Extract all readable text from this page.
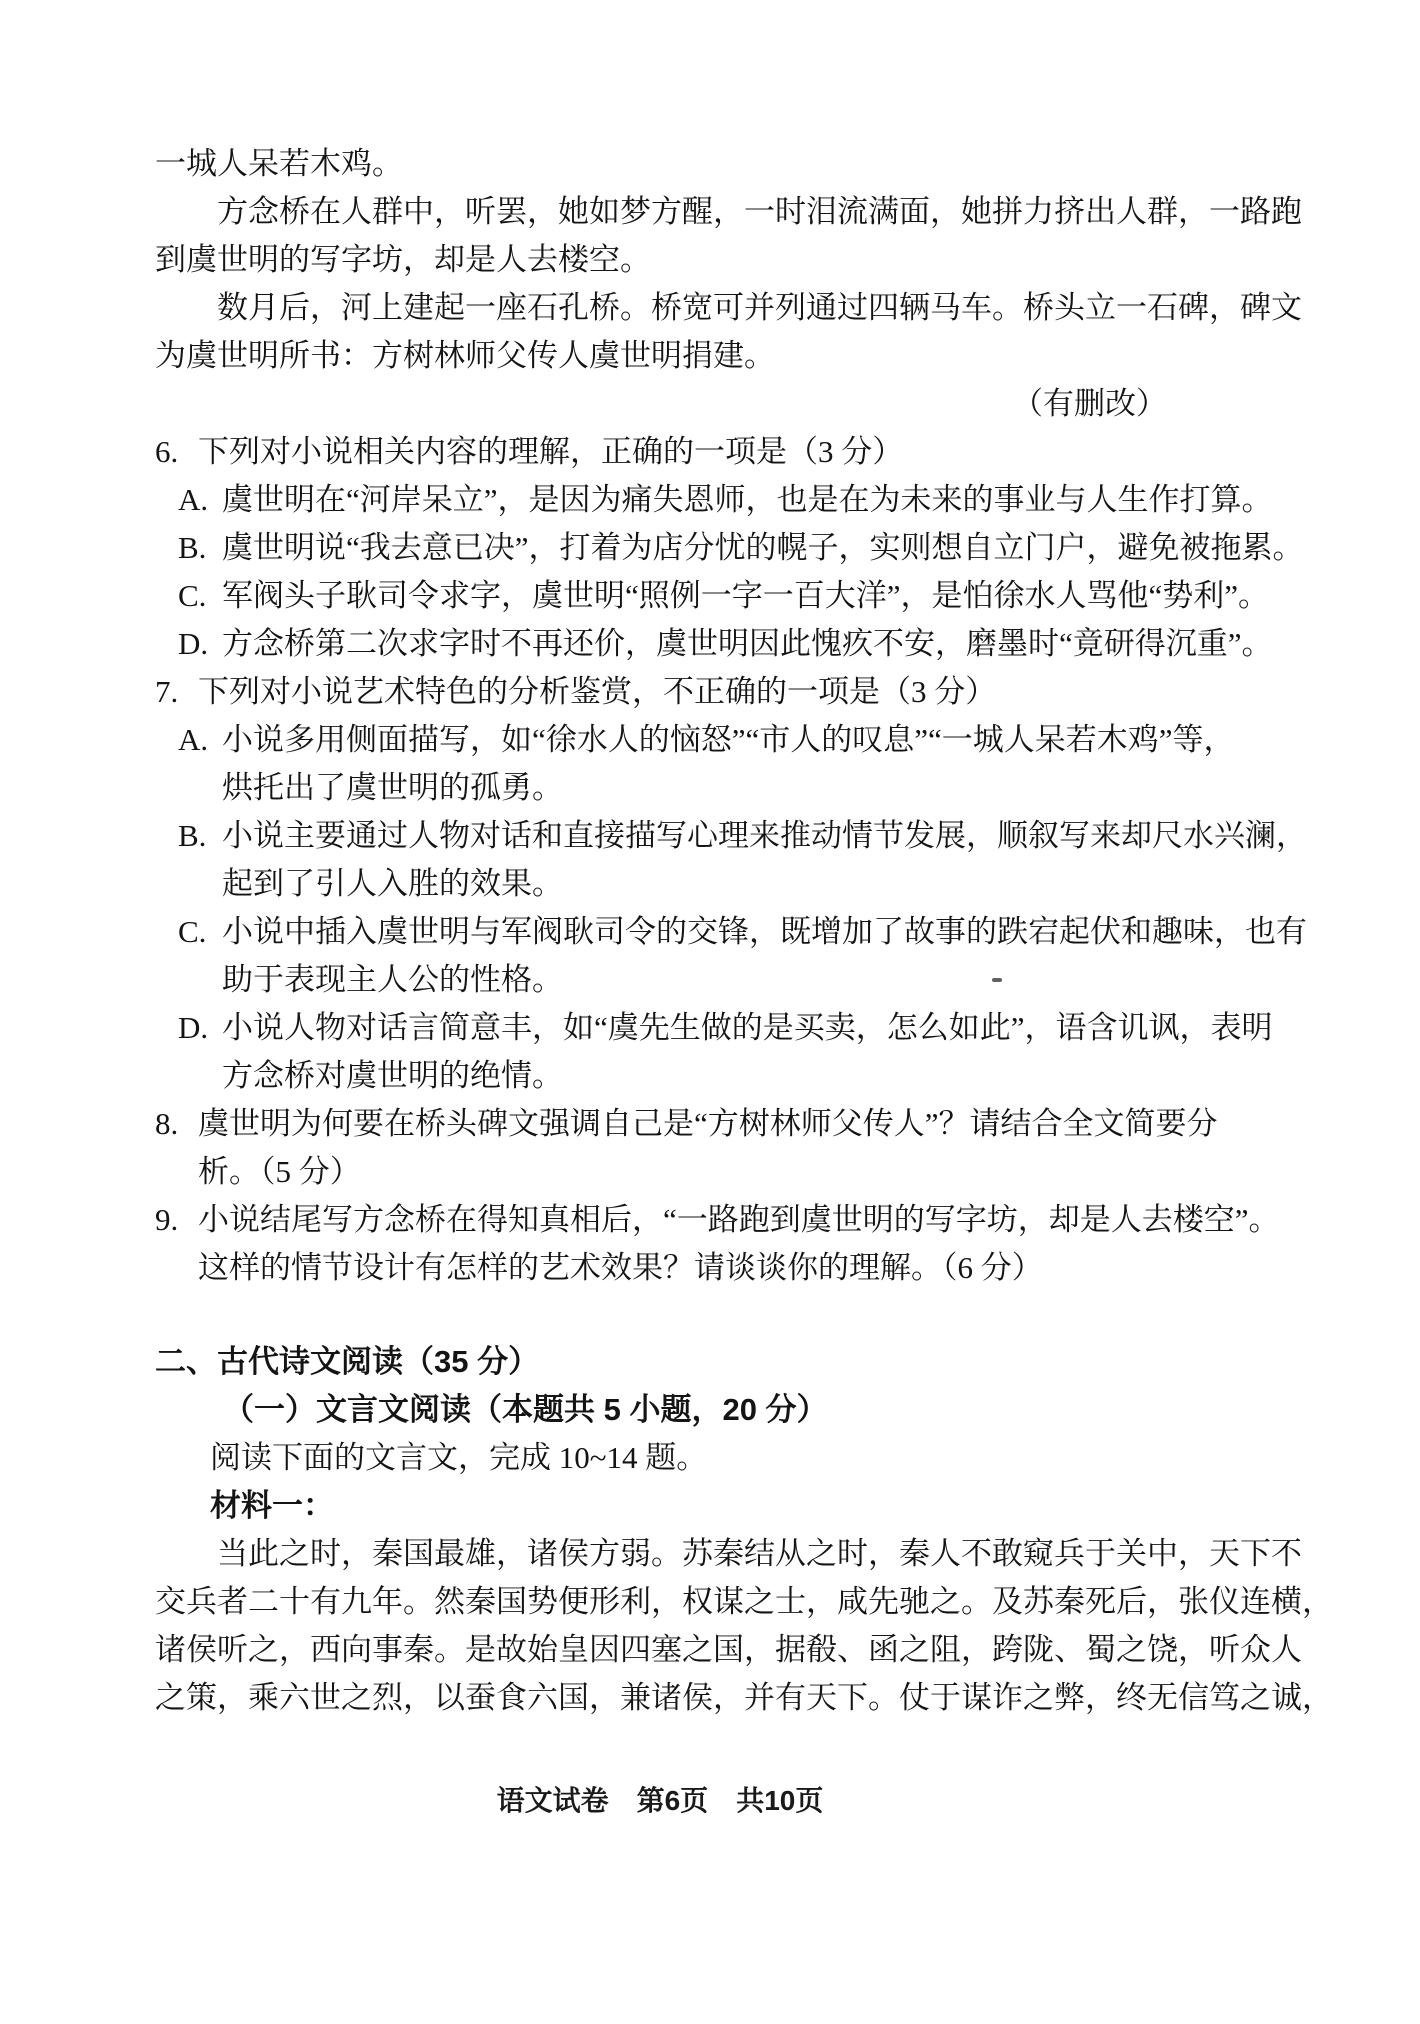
一城人呆若木鸡。
方念桥在人群中，听罢，她如梦方醒，一时泪流满面，她拼力挤出人群，一路跑
到虞世明的写字坊，却是人去楼空。
数月后，河上建起一座石孔桥。桥宽可并列通过四辆马车。桥头立一石碑，碑文
为虞世明所书：方树林师父传人虞世明捐建。
（有删改）
6. 下列对小说相关内容的理解，正确的一项是（3 分）
A. 虞世明在“河岸呆立”，是因为痛失恩师，也是在为未来的事业与人生作打算。
B. 虞世明说“我去意已决”，打着为店分忧的幌子，实则想自立门户，避免被拖累。
C. 军阀头子耿司令求字，虞世明“照例一字一百大洋”，是怕徐水人骂他“势利”。
D. 方念桥第二次求字时不再还价，虞世明因此愧疚不安，磨墨时“竟研得沉重”。
7. 下列对小说艺术特色的分析鉴赏，不正确的一项是（3 分）
A. 小说多用侧面描写，如“徐水人的恼怒”“市人的叹息”“一城人呆若木鸡”等，
烘托出了虞世明的孤勇。
B. 小说主要通过人物对话和直接描写心理来推动情节发展，顺叙写来却尺水兴澜，
起到了引人入胜的效果。
C. 小说中插入虞世明与军阀耿司令的交锋，既增加了故事的跌宕起伏和趣味，也有
助于表现主人公的性格。
D. 小说人物对话言简意丰，如“虞先生做的是买卖，怎么如此”，语含讥讽，表明
方念桥对虞世明的绝情。
8. 虞世明为何要在桥头碑文强调自己是“方树林师父传人”？请结合全文简要分
析。（5 分）
9. 小说结尾写方念桥在得知真相后，“一路跑到虞世明的写字坊，却是人去楼空”。
这样的情节设计有怎样的艺术效果？请谈谈你的理解。（6 分）
二、古代诗文阅读（35 分）
（一）文言文阅读（本题共 5 小题，20 分）
阅读下面的文言文，完成 10~14 题。
材料一：
当此之时，秦国最雄，诸侯方弱。苏秦结从之时，秦人不敢窥兵于关中，天下不
交兵者二十有九年。然秦国势便形利，权谋之士，咸先驰之。及苏秦死后，张仪连横，
诸侯听之，西向事秦。是故始皇因四塞之国，据殽、函之阻，跨陇、蜀之饶，听众人
之策，乘六世之烈，以蚕食六国，兼诸侯，并有天下。仗于谋诈之弊，终无信笃之诚，
语文试卷　第6页　共10页
